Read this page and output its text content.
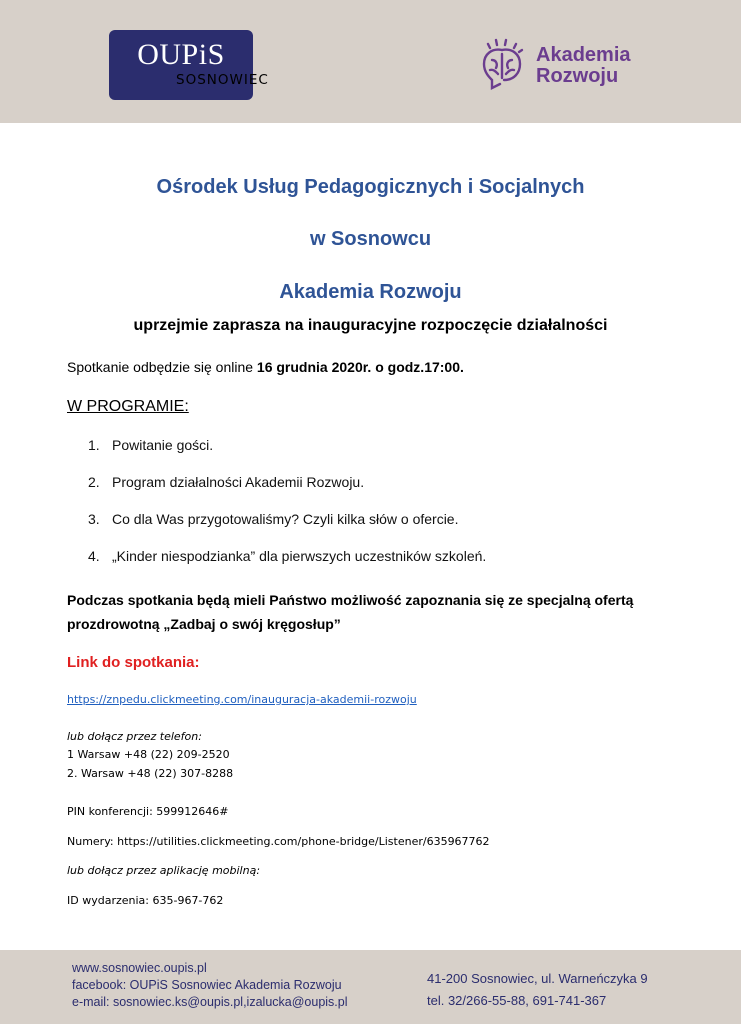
OUPiS
SOSNOWIEC
Akademia
Rozwoju
Ośrodek Usług Pedagogicznych i Socjalnych
w Sosnowcu
Akademia Rozwoju
uprzejmie zaprasza na inauguracyjne rozpoczęcie działalności
Spotkanie odbędzie się online 16 grudnia 2020r. o godz.17:00.
W PROGRAMIE:
1. Powitanie gości.
2. Program działalności Akademii Rozwoju.
3. Co dla Was przygotowaliśmy? Czyli kilka słów o ofercie.
4. „Kinder niespodzianka” dla pierwszych uczestników szkoleń.
Podczas spotkania będą mieli Państwo możliwość zapoznania się ze specjalną ofertą
prozdrowotną „Zadbaj o swój kręgosłup”
Link do spotkania:
https://znpedu.clickmeeting.com/inauguracja-akademii-rozwoju
lub dołącz przez telefon:
1 Warsaw +48 (22) 209-2520
2. Warsaw +48 (22) 307-8288
PIN konferencji: 599912646#
Numery: https://utilities.clickmeeting.com/phone-bridge/Listener/635967762
lub dołącz przez aplikację mobilną:
ID wydarzenia: 635-967-762
www.sosnowiec.oupis.pl
facebook: OUPiS Sosnowiec Akademia Rozwoju
e-mail: sosnowiec.ks@oupis.pl,izalucka@oupis.pl
41-200 Sosnowiec, ul. Warneńczyka 9
tel. 32/266-55-88, 691-741-367
